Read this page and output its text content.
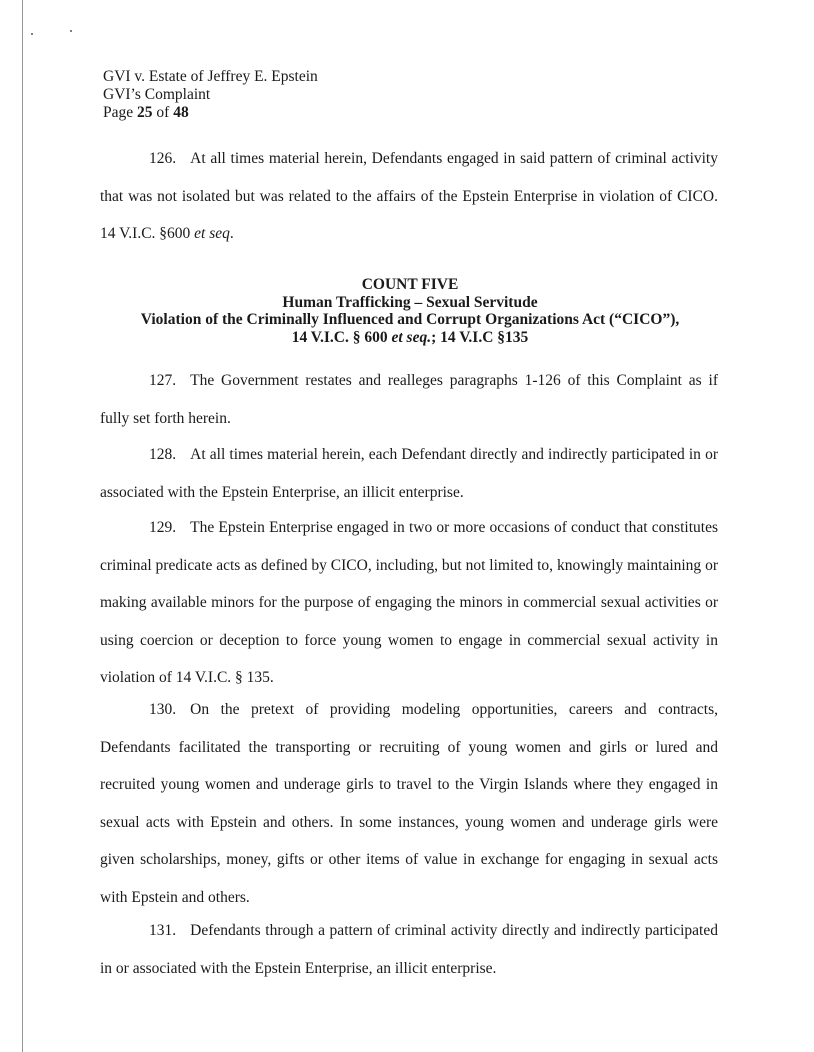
GVI v. Estate of Jeffrey E. Epstein
GVI’s Complaint
Page 25 of 48

126. At all times material herein, Defendants engaged in said pattern of criminal activity that was not isolated but was related to the affairs of the Epstein Enterprise in violation of CICO. 14 V.I.C. §600 et seq.

COUNT FIVE
Human Trafficking – Sexual Servitude
Violation of the Criminally Influenced and Corrupt Organizations Act (“CICO”),
14 V.I.C. § 600 et seq.; 14 V.I.C §135

127. The Government restates and realleges paragraphs 1-126 of this Complaint as if fully set forth herein.

128. At all times material herein, each Defendant directly and indirectly participated in or associated with the Epstein Enterprise, an illicit enterprise.

129. The Epstein Enterprise engaged in two or more occasions of conduct that constitutes criminal predicate acts as defined by CICO, including, but not limited to, knowingly maintaining or making available minors for the purpose of engaging the minors in commercial sexual activities or using coercion or deception to force young women to engage in commercial sexual activity in violation of 14 V.I.C. § 135.

130. On the pretext of providing modeling opportunities, careers and contracts, Defendants facilitated the transporting or recruiting of young women and girls or lured and recruited young women and underage girls to travel to the Virgin Islands where they engaged in sexual acts with Epstein and others. In some instances, young women and underage girls were given scholarships, money, gifts or other items of value in exchange for engaging in sexual acts with Epstein and others.

131. Defendants through a pattern of criminal activity directly and indirectly participated in or associated with the Epstein Enterprise, an illicit enterprise.
